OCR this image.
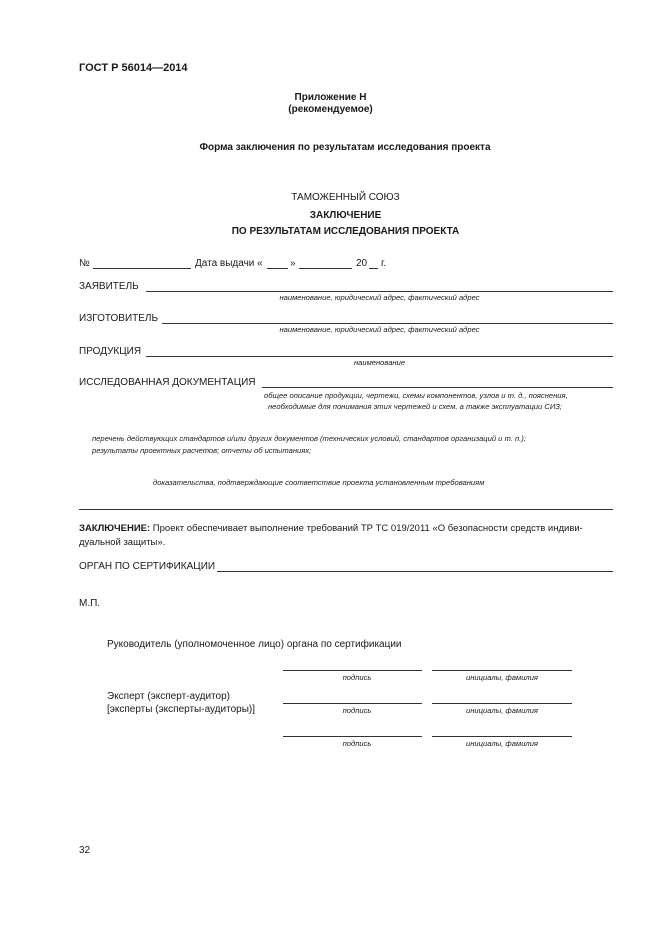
ГОСТ Р 56014—2014
Приложение Н
(рекомендуемое)
Форма заключения по результатам исследования проекта
ТАМОЖЕННЫЙ СОЮЗ
ЗАКЛЮЧЕНИЕ
ПО РЕЗУЛЬТАТАМ ИССЛЕДОВАНИЯ ПРОЕКТА
№	Дата выдачи «	»	20 г.
ЗАЯВИТЕЛЬ
наименование, юридический адрес, фактический адрес
ИЗГОТОВИТЕЛЬ
наименование, юридический адрес, фактический адрес
ПРОДУКЦИЯ
наименование
ИССЛЕДОВАННАЯ ДОКУМЕНТАЦИЯ
общее описание продукции, чертежи, схемы компонентов, узлов и т. д., пояснения,
необходимые для понимания этих чертежей и схем, а также эксплуатации СИЗ;
перечень действующих стандартов и/или других документов (технических условий, стандартов организаций и т. п.);
результаты проектных расчетов; отчеты об испытаниях;
доказательства, подтверждающие соответствие проекта установленным требованиям
ЗАКЛЮЧЕНИЕ: Проект обеспечивает выполнение требований ТР ТС 019/2011 «О безопасности средств индиви-
дуальной защиты».
ОРГАН ПО СЕРТИФИКАЦИИ
М.П.
Руководитель (уполномоченное лицо) органа по сертификации
подпись	инициалы, фамилия
Эксперт (эксперт-аудитор)
[эксперты (эксперты-аудиторы)]	подпись	инициалы, фамилия
подпись	инициалы, фамилия
32
